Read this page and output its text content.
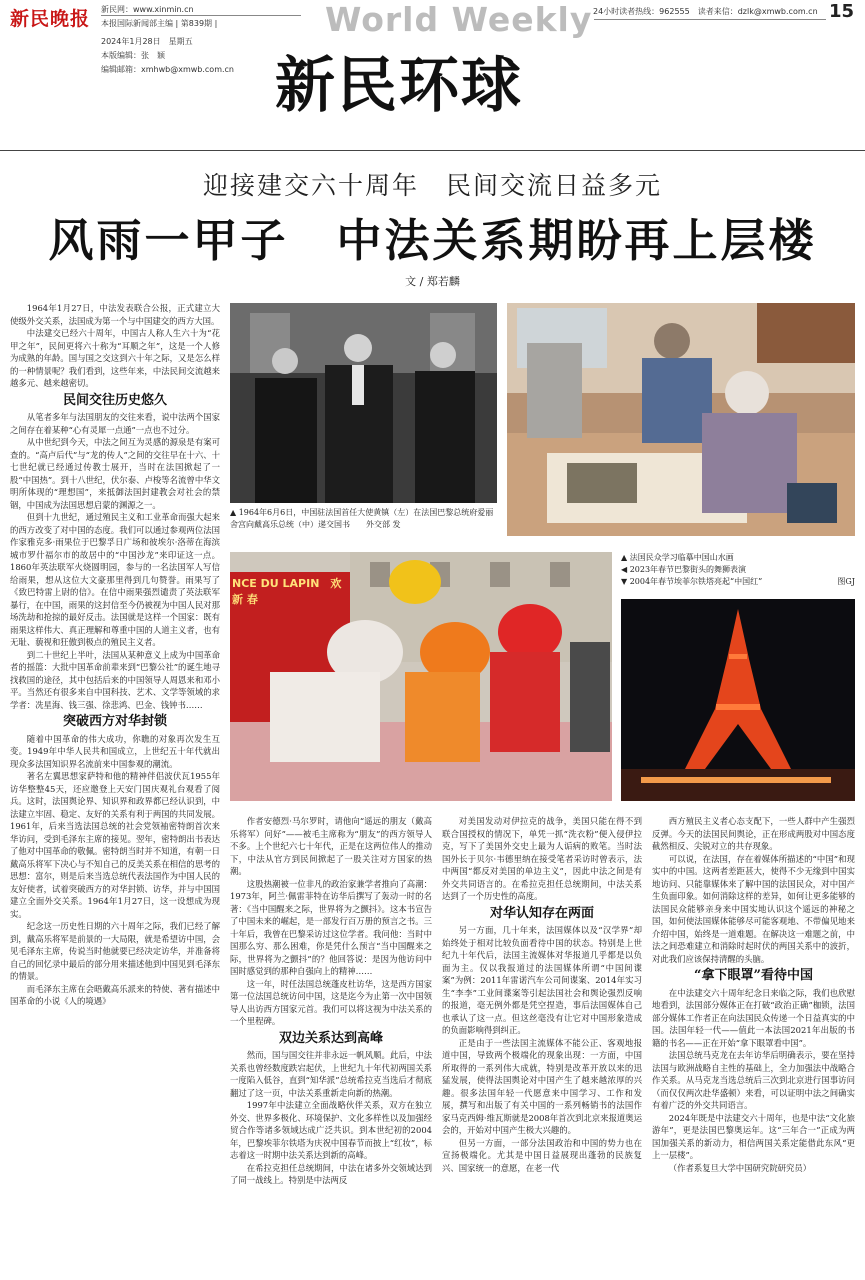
新民晚报 新民网：www.xinmin.cn
本报国际新闻部主编 | 第839期 |
2024年1月28日　星期五
本版编辑：张　颖
编辑邮箱：xmhwb@xmwb.com.cn
World Weekly 24小时读者热线：962555　读者来信：dzlk@xmwb.com.cn 15
新民环球
迎接建交六十周年　民间交流日益多元
风雨一甲子　中法关系期盼再上层楼
文 / 郑若麟
▲ 1964年6月6日，中国驻法国首任大使黄镇（左）在法国巴黎总统府爱丽舍宫向戴高乐总统（中）递交国书　　外交部 发
NCE DU LAPIN　欢 新 春
▲ 法国民众学习临摹中国山水画
◀ 2023年春节巴黎街头的舞狮表演
▼ 2004年春节埃菲尔铁塔亮起“中国红”	图GJ

1964年1月27日，中法发表联合公报，正式建立大使级外交关系，法国成为第一个与中国建交的西方大国。

中法建交已经六十周年，中国古人称人生六十为“花甲之年”，民间更将六十称为“耳顺之年”，这是一个人修为成熟的年龄。国与国之交这到六十年之际，又是怎么样的一种情景呢？我们看到，这些年来，中法民间交流越来越多元、越来越密切。

民间交往历史悠久

从笔者多年与法国朋友的交往来看，说中法两个国家之间存在着某种“心有灵犀一点通”一点也不过分。

从中世纪到今天，中法之间互为灵感的源泉是有案可查的。“高卢后代”与“龙的传人”之间的交往早在十六、十七世纪就已经通过传教士展开，当时在法国掀起了一股“中国热”。到十八世纪，伏尔泰、卢梭等名流曾中华文明所体现的“理想国”，来抵御法国封建教会对社会的禁锢，中国成为法国思想启蒙的渊源之一。

但到十九世纪，通过殖民主义和工业革命而强大起来的西方改变了对中国的态度。我们可以通过参观两位法国作家雅克多·雨果位于巴黎孚日广场和彼埃尔·洛蒂在海滨城市罗什福尔市的故居中的“中国沙龙”来印证这一点。1860年英法联军火烧圆明园，参与的一名法国军人写信给雨果，想从这位大文豪那里得到几句赞誉。雨果写了《致巴特雷上尉的信》。在信中雨果强烈谴责了英法联军暴行，在中国，雨果的这封信至今仍被视为中国人民对那场洗劫和抢掠的最好反击。法国就是这样一个国家：既有雨果这样伟大、真正理解和尊重中国的人道主义者，也有无耻、藐视和狂傲到极点的殖民主义者。

到二十世纪上半叶，法国从某种意义上成为中国革命者的摇篮：大批中国革命前辈来到“巴黎公社”的诞生地寻找救国的途径，其中包括后来的中国领导人周恩来和邓小平。当然还有很多来自中国科技、艺术、文学等领域的求学者：冼星海、钱三强、徐悲鸿、巴金、钱钟书……

突破西方对华封锁

随着中国革命的伟大成功，你瞧的对象再次发生互变。1949年中华人民共和国成立，上世纪五十年代就出现众多法国知识界名流前来中国参观的潮流。

著名左翼思想家萨特和他的精神伴侣波伏瓦1955年访华整整45天，还应邀登上天安门国庆观礼台观看了阅兵。这时，法国舆论界、知识界和政界都已经认识到，中法建立牢固、稳定、友好的关系有利于两国的共同发展。1961年，后来当选法国总统的社会党领袖密特朗首次来华访问，受到毛泽东主席的接见。翌年，密特朗出书表达了他对中国革命的敬佩。密特朗当时并不知道，有朝一日戴高乐将军下决心与不知自己的反美关系在相信的思考的思想：富尔，则是后来当选总统代表法国作为中国人民的友好使者，试着突破西方的对华封锁、访华，并与中国国建立全面外交关系。1964年1月27日，这一设想成为现实。

纪念这一历史性日期的六十周年之际，我们已经了解到，戴高乐将军是前景的一大局限，就是希望访中国，会见毛泽东主席，传说当时他就要已经决定访华，并准备将自己的回忆录中最后的部分用来描述他到中国见到毛泽东的情景。

而毛泽东主席在会晤戴高乐派来的特使、著有描述中国革命的小说《人的境遇》

作者安德烈·马尔罗时，请他向“遥远的朋友（戴高乐将军）问好”——被毛主席称为“朋友”的西方领导人不多。上个世纪六七十年代，正是在这两位伟人的推动下，中法从官方到民间掀起了一股关注对方国家的热潮。

这股热潮被一位非凡的政治家兼学者推向了高潮：1973年，阿兰·佩雷菲特在访华后撰写了轰动一时的名著：《当中国醒来之际，世界将为之颤抖》。这本书宣告了中国未来的崛起，是一部发行百万册的预言之书。三十年后，我曾在巴黎采访过这位学者。我问他：当时中国那么穷、那么困难，你是凭什么预言“当中国醒来之际，世界将为之颤抖”的？他回答说：是因为他访问中国时感觉到的那种自强向上的精神……

这一年，时任法国总统蓬皮杜访华，这是西方国家第一位法国总统访问中国，这是迄今为止第一次中国领导人出访西方国家元首。我们可以将这视为中法关系的一个里程碑。

双边关系达到高峰

然而，国与国交往并非永远一帆风顺。此后，中法关系也曾经数度跌宕起伏，上世纪九十年代初两国关系一度陷入低谷，直到“知华派”总统希拉克当选后才彻底翻过了这一页，中法关系重新走向新的热潮。

1997年中法建立全面战略伙伴关系，双方在独立外交、世界多极化、环境保护、文化多样性以及加强经贸合作等诸多领域达成广泛共识。到本世纪初的2004年，巴黎埃菲尔铁塔为庆祝中国春节而披上“红妆”，标志着这一时期中法关系达到新的高峰。

在希拉克担任总统期间，中法在诸多外交领域达到了同一战线上。特别是中法两反

对美国发动对伊拉克的战争，美国只能在得不到联合国授权的情况下，单凭一抓“洗衣粉”便入侵伊拉克，写下了美国外交史上最为人诟病的败笔。当时法国外长于贝尔·韦德里纳在接受笔者采访时曾表示，法中两国“都反对美国的单边主义”，因此中法之间是有外交共同语言的。在希拉克担任总统期间，中法关系达到了一个历史性的高度。

对华认知存在两面

另一方面，几十年来，法国媒体以及“汉学界”却始终处于相对比较负面看待中国的状态。特别是上世纪九十年代后，法国主流媒体对华报道几乎都是以负面为主。仅以我报道过的法国媒体所谓“中国间谍案”为例：2011年雷诺汽车公司间谍案、2014年实习生“李李”工业间谍案等引起法国社会和舆论强烈反响的报道，毫无例外都是凭空捏造，事后法国媒体自己也承认了这一点。但这丝毫没有让它对中国形象造成的负面影响得到纠正。

正是由于一些法国主流媒体不能公正、客观地报道中国，导致两个极端化的现象出现：一方面，中国所取得的一系列伟大成就，特别是改革开放以来的迅猛发展，使得法国舆论对中国产生了越来越浓厚的兴趣。很多法国年轻一代愿意来中国学习、工作和发展，撰写和出版了有关中国的一系列畅销书的法国作家马克西姆·维瓦斯就是2008年首次到北京来报道奥运会的，开始对中国产生极大兴趣的。

但另一方面，一部分法国政治和中国的势力也在宣扬极端化。尤其是中国日益展现出蓬勃的民族复兴、国家统一的意愿，在老一代

西方殖民主义者心态支配下，一些人群中产生强烈反弹。今天的法国民间舆论，正在形成两股对中国态度截然相反、尖锐对立的共存现象。

可以说，在法国，存在着媒体所描述的“中国”和现实中的中国。这两者差距甚大，使得不少无缘到中国实地访问、只能靠媒体来了解中国的法国民众，对中国产生负面印象。如何消除这样的差异，如何让更多能够的法国民众能够亲身来中国实地认识这个遥远的神秘之国，如何使法国媒体能够尽可能客观地、不带偏见地来介绍中国，始终是一道难题。在解决这一难题之前，中法之间恐难建立和消除时起时伏的两国关系中的波折，对此我们应该保持清醒的头脑。

“拿下眼罩”看待中国

在中法建交六十周年纪念日来临之际，我们也欣慰地看到，法国部分媒体正在打破“政治正确”枷锁，法国部分媒体工作者正在向法国民众传递一个日益真实的中国。法国年轻一代——值此一本法国2021年出版的书籍的书名——正在开始“拿下眼罩看中国”。

法国总统马克龙在去年访华后明确表示，要在坚持法国与欧洲战略自主性的基础上，全力加强法中战略合作关系。从马克龙当选总统后三次到北京进行国事访问（而仅仅两次赴华盛顿）来看，可以证明中法之间确实有着广泛的外交共同语言。

2024年既是中法建交六十周年，也是中法“文化旅游年”，更是法国巴黎奥运年。这“三年合一”正成为两国加强关系的新动力，相信两国关系定能借此东风“更上一层楼”。

（作者系复旦大学中国研究院研究员）
